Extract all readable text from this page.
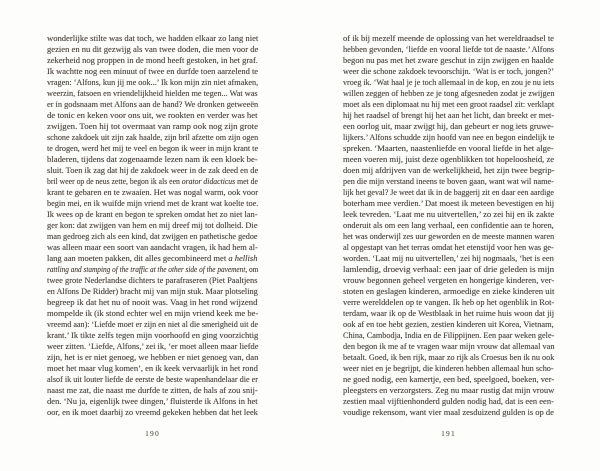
wonderlijke stilte was dat toch, we hadden elkaar zo lang niet
gezien en nu dit gezwijg als van twee doden, die men voor de
zekerheid nog proppen in de mond heeft gestoken, in het graf.
Ik wachtte nog een minuut of twee en durfde toen aarzelend te
vragen: ‘Alfons, kun jij me ook...’ Ik kon mijn zin niet afmaken,
weerzin, fatsoen en vriendelijkheid hielden me tegen... Wat was
er in godsnaam met Alfons aan de hand? We dronken getweeën
de tonic en keken voor ons uit, we rookten en verder was het
zwijgen. Toen hij tot overmaat van ramp ook nog zijn grote
schone zakdoek uit zijn zak haalde, zijn bril afzette om zijn ogen
te drogen, werd het mij te veel en begon ik weer in mijn krant te
bladeren, tijdens dat zogenaamde lezen nam ik een kloek be-
sluit. Toen ik zag dat hij de zakdoek weer in de zak deed en de
bril weer op de neus zette, begon ik als een orator didacticus met de
krant te gebaren en te zwaaien. Het was nogal warm, ook voor
begin mei, en ik wuifde mijn vriend met de krant wat koelte toe.
Ik wees op de krant en begon te spreken omdat het zo niet lan-
ger kon: dat zwijgen van hem en mij dreef mij tot dolheid. Die
man gedroeg zich als een kind, dat zwijgen en pathetische gedoe
was alleen maar een soort van aandacht vragen, ik had hem al-
lang aan moeten pakken, dit alles gecombineerd met a hellish
rattling and stamping of the traffic at the other side of the pavement, om
twee grote Nederlandse dichters te parafraseren (Piet Paaltjens
en Alfons De Ridder) bracht mij van mijn stuk. Maar plotseling
begreep ik dat het nu of nooit was. Vaag in het rond wijzend
mompelde ik (ik stond echter wel en mijn vriend keek me be-
vreemd aan): ‘Liefde moet er zijn en niet al die smerigheid uit de
krant.’ Ik tikte zelfs tegen mijn voorhoofd en ging voorzichtig
weer zitten. ‘Liefde, Alfons,’ zei ik, ‘er moet alleen maar liefde
zijn, het is er niet genoeg, we hebben er niet genoeg van, dan
moet het maar vlug komen’, en ik keek vervaarlijk in het rond
alsof ik uit louter liefde de eerste de beste wapenhandelaar die er
naast me zat, die naast me durfde te zitten, de hals af zou snij-
den. ‘Nu ja, eigenlijk twee dingen,’ fluisterde ik Alfons in het
oor, en ik moet daarbij zo vreemd gekeken hebben dat het leek
190
of ik bij mezelf meende de oplossing van het wereldraadsel te
hebben gevonden, ‘liefde en vooral liefde tot de naaste.’ Alfons
begon nu pas met het zware geschut in zijn zwijgen en haalde
weer die schone zakdoek tevoorschijn. ‘Wat is er toch, jongen?’
vroeg ik. ‘Wat haal je je toch allemaal in de kop, en zou je nu iets
willen zeggen of hebben ze je tong afgesneden zodat je zwijgen
moet als een diplomaat nu hij met een groot raadsel zit: verklapt
hij het raadsel of brengt hij het aan het licht, dan breekt er met-
een oorlog uit, maar zwijgt hij, dan gebeurt er nog iets gruwe-
lijkers.’ Alfons schudde zijn hoofd van nee en begon eindelijk te
spreken. ‘Maarten, naastenliefde en vooral liefde in het alge-
meen voeren mij, juist deze ogenblikken tot hopeloosheid, ze
doen mij afdrijven van de werkelijkheid, het zijn twee begrip-
pen die mijn verstand ineens te boven gaan, want wat wil name-
lijk het geval? Je weet dat ik in de baggerij zit en daar een aardige
boterham mee verdien.’ Dat moest ik meteen bevestigen en hij
leek tevreden. ‘Laat me nu uitvertellen,’ zo zei hij en ik zakte
onderuit als om een lang verhaal, een confidentie aan te horen,
het was onderwijl zes uur geworden en de meeste mannen waren
al opgestapt van het terras omdat het etenstijd voor hen was ge-
worden. ‘Laat mij nu uitvertellen,’ zei hij nogmaals, ‘het is een
lamlendig, droevig verhaal: een jaar of drie geleden is mijn
vrouw begonnen geheel vergeten en hongerige kinderen, ver-
stoten en geslagen kinderen, armoedige en zieke kinderen uit
verre werelddelen op te vangen. Ik heb op het ogenblik in Rot-
terdam, waar ik op de Westblaak in het ruime huis woon dat jij
ook af en toe hebt gezien, zestien kinderen uit Korea, Vietnam,
China, Cambodja, India en de Filippijnen. Een paar weken gele-
den begon ik me af te vragen waar mijn vrouw dat allemaal van
betaalt. Goed, ik ben rijk, maar zo rijk als Croesus ben ik nu ook
weer niet en je begrijpt, die kinderen hebben allemaal hun scho-
ne goed nodig, een kamertje, een bed, speelgoed, boeken, ver-
pleegsters en verzorgsters. Zeg nu maar rustig dat mijn vrouw
zestien maal vijftienhonderd gulden nodig had, dat is een een-
voudige rekensom, want vier maal zesduizend gulden is op de
191
